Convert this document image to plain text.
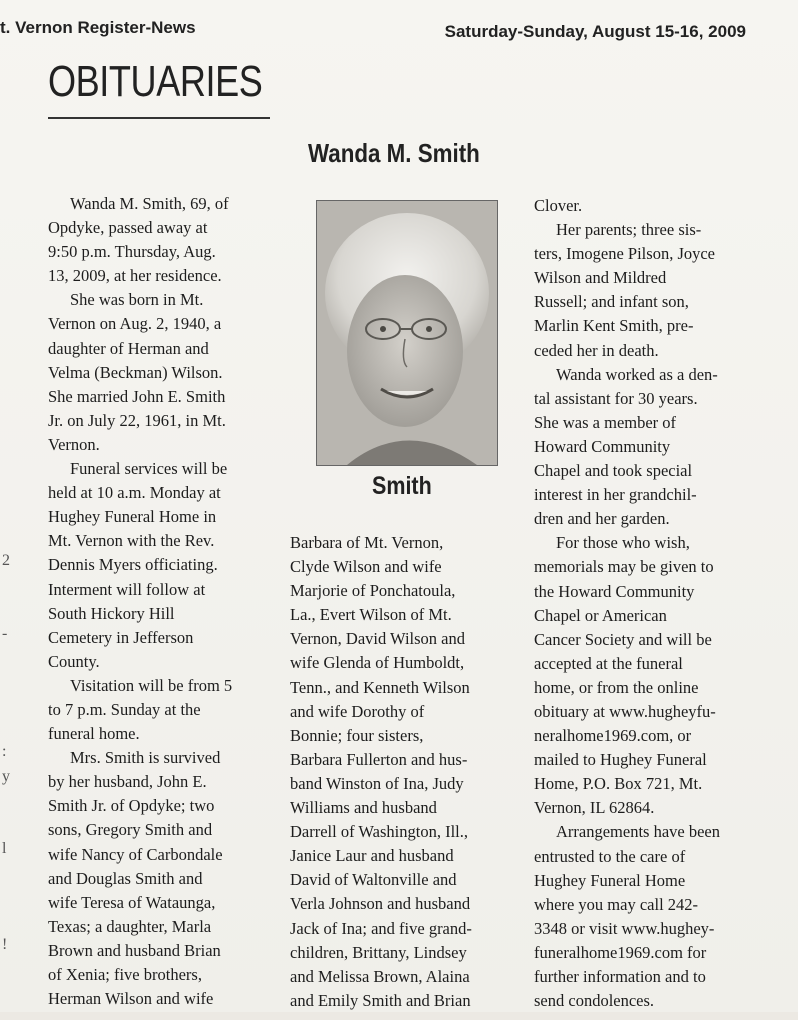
t. Vernon Register-News	Saturday-Sunday, August 15-16, 2009
OBITUARIES
Wanda M. Smith
Smith
Wanda M. Smith, 69, of
Opdyke, passed away at
9:50 p.m. Thursday, Aug.
13, 2009, at her residence.
She was born in Mt.
Vernon on Aug. 2, 1940, a
daughter of Herman and
Velma (Beckman) Wilson.
She married John E. Smith
Jr. on July 22, 1961, in Mt.
Vernon.
Funeral services will be
held at 10 a.m. Monday at
Hughey Funeral Home in
Mt. Vernon with the Rev.
Dennis Myers officiating.
Interment will follow at
South Hickory Hill
Cemetery in Jefferson
County.
Visitation will be from 5
to 7 p.m. Sunday at the
funeral home.
Mrs. Smith is survived
by her husband, John E.
Smith Jr. of Opdyke; two
sons, Gregory Smith and
wife Nancy of Carbondale
and Douglas Smith and
wife Teresa of Wataunga,
Texas; a daughter, Marla
Brown and husband Brian
of Xenia; five brothers,
Herman Wilson and wife
Barbara of Mt. Vernon,
Clyde Wilson and wife
Marjorie of Ponchatoula,
La., Evert Wilson of Mt.
Vernon, David Wilson and
wife Glenda of Humboldt,
Tenn., and Kenneth Wilson
and wife Dorothy of
Bonnie; four sisters,
Barbara Fullerton and hus-
band Winston of Ina, Judy
Williams and husband
Darrell of Washington, Ill.,
Janice Laur and husband
David of Waltonville and
Verla Johnson and husband
Jack of Ina; and five grand-
children, Brittany, Lindsey
and Melissa Brown, Alaina
and Emily Smith and Brian
Clover.
Her parents; three sis-
ters, Imogene Pilson, Joyce
Wilson and Mildred
Russell; and infant son,
Marlin Kent Smith, pre-
ceded her in death.
Wanda worked as a den-
tal assistant for 30 years.
She was a member of
Howard Community
Chapel and took special
interest in her grandchil-
dren and her garden.
For those who wish,
memorials may be given to
the Howard Community
Chapel or American
Cancer Society and will be
accepted at the funeral
home, or from the online
obituary at www.hugheyfu-
neralhome1969.com, or
mailed to Hughey Funeral
Home, P.O. Box 721, Mt.
Vernon, IL 62864.
Arrangements have been
entrusted to the care of
Hughey Funeral Home
where you may call 242-
3348 or visit www.hughey-
funeralhome1969.com for
further information and to
send condolences.
2
-
:
y
l
!
